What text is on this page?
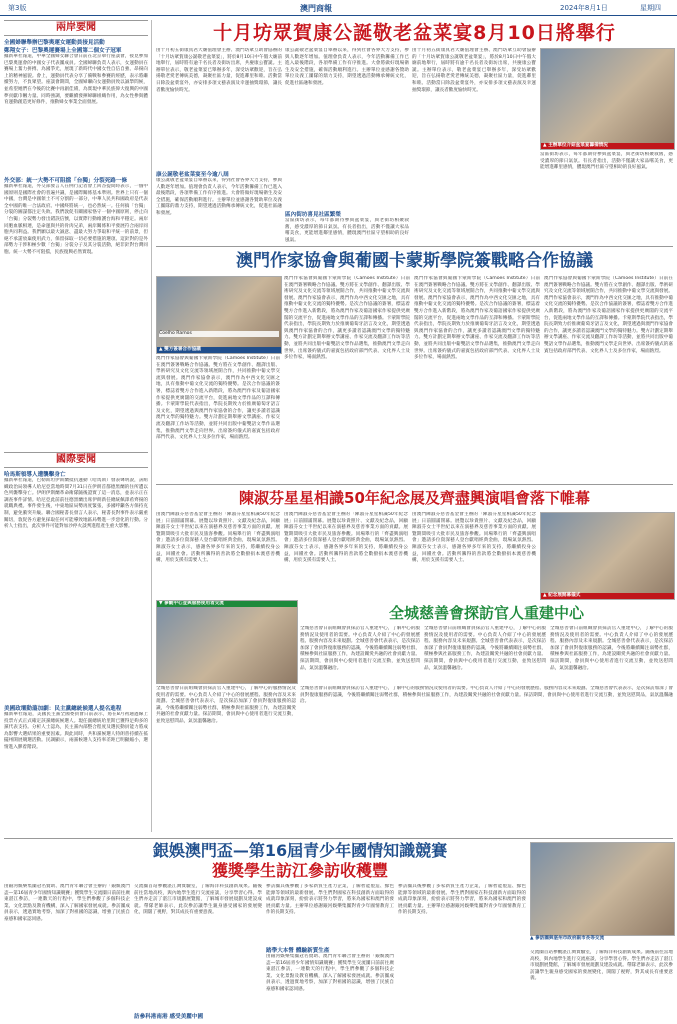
第3版	澳門商報	2024年8月1日	星期四
兩岸要聞
全國婦聯舉辦巴黎奧運女運動員接見活動
鄭翔女子：巴黎奧運賽場上全國第二個女子冠軍
據新華社報道，中華全國婦女聯合會日前在北京舉行座談會，接見參加巴黎奧運會的中國女子代表團成員。全國婦聯負責人表示，女運動員在賽場上奮力拼搏、為國爭光，展現了新時代中國女性自信自強、昂揚向上的精神風貌。會上，運動員代表分享了備戰和參賽的經歷，表示將繼續努力，不負眾望。座談會期間，全國婦聯向女運動員致以誠摯問候，並希望她們在今後的比賽中再創佳績，為實現中華民族偉大復興的中國夢貢獻巾幗力量。同時強調，要繼續發揮婦聯組織作用，為女性參與體育運動創造更好條件，推動婦女事業全面發展。
外交部：統一大勢不可阻擋「台獨」分裂死路一條
據新華社報道，外交部發言人在例行記者會上回答提問時表示，一個中國原則是國際社會的普遍共識，是國際關係基本準則。世界上只有一個中國，台灣是中國領土不可分割的一部分，中華人民共和國政府是代表全中國的唯一合法政府。中國終將統一，也必然統一。任何搞「台獨」分裂的圖謀都注定失敗。我們敦促有關國家恪守一個中國原則，停止向「台獨」分裂勢力發出錯誤信號，以實際行動維護台海和平穩定。兩岸同胞血脈相連，是命運與共的骨肉兄弟，兩岸關係和平發展符合兩岸同胞共同利益。我們願以最大誠意、盡最大努力爭取和平統一的前景，但絕不承諾放棄使用武力，保留採取一切必要措施的選項。這針對的是外部勢力干涉和極少數「台獨」分裂分子及其分裂活動，絕非針對台灣同胞。統一大勢不可阻擋，民族復興必然實現。
國際要聞
哈馬斯領導人遭襲擊身亡
據新華社報道，巴勒斯坦伊斯蘭抵抗運動（哈馬斯）發表聲明說，該組織政治局領導人哈尼亞當地時間7月31日在伊朗首都德黑蘭的住所遭以色列襲擊身亡。伊朗伊斯蘭革命衛隊隨後證實了這一消息，並表示正在調查事件詳情。哈尼亞此前前往德黑蘭出席伊朗新任總統佩澤希齊揚的就職典禮。事件發生後，中東地區局勢再度緊張，多國呼籲各方保持克制，避免衝突升級。聯合國秘書長發言人表示，秘書長對事件表示嚴重關切，敦促各方避免採取任何可能導致地區局勢進一步惡化的行動。分析人士指出，此次事件可能對加沙停火談判進程產生重大影響。
美國政壇動蕩加劇：民主黨總統候選人提名進程
據新華社報道，美國民主黨全國委員會日前表示，將在8月初通過線上投票方式正式確定該黨總統候選人。現任副總統哈里斯已獲得足夠多的黨代表支持。分析人士認為，民主黨內部整合程度及選民動員能力將成為影響大選結果的重要因素。與此同時，共和黨候選人特朗普持續在搖擺州開展競選活動。民調顯示，兩黨候選人支持率差距已明顯縮小，選情進入膠着階段。
十月坊眾賀康公誕敬老盆菜宴8月10日將舉行
由十月初五街康真君大廟值理會主辦、澳門坊眾互助會協辦的「十月坊眾賀康公誕敬老盆菜宴」，將於8月10日中午假大廟前地舉行，屆時將有逾千名長者及街坊出席，共慶康公寶誕。主辦單位表示，敬老盆菜宴已舉辦多年，深受坊眾歡迎，旨在弘揚敬老愛老傳統美德，凝聚社區力量，促進鄰里和睦。活動當日除設盆菜宴外，亦安排多項文藝表演及幸運抽獎環節，讓長者歡度愉快時光。
康公誕敬老盆菜宴至今逾八屆
康公誕敬老盆菜宴自舉辦以來，得到社會各界大力支持，參與人數逐年增加。值理會負責人表示，今年活動籌備工作已進入最後階段，各項準備工作有序推進。大會將做好現場衛生及安全措施，確保活動順利進行。主辦單位並感謝各贊助單位及義工團隊的鼎力支持，期望透過活動傳承傳統文化，促進社區融和發展。
康公誕敬老盆菜宴自舉辦以來，得到社會各界大力支持，參與人數逐年增加。值理會負責人表示，今年活動籌備工作已進入最後階段，各項準備工作有序推進。大會將做好現場衛生及安全措施，確保活動順利進行。主辦單位並感謝各贊助單位及義工團隊的鼎力支持，期望透過活動傳承傳統文化，促進社區融和發展。
區內街坊喜見社區繁榮
當區街坊表示，每年都期待參與盆菜宴，與老街坊相聚敘舊，感受濃厚的節日氣氛。有長者指出，活動不僅讓大家品嚐美食，更能增進鄰里感情，體現澳門社區守望相助的良好風氣。
由十月初五街康真君大廟值理會主辦、澳門坊眾互助會協辦的「十月坊眾賀康公誕敬老盆菜宴」，將於8月10日中午假大廟前地舉行，屆時將有逾千名長者及街坊出席，共慶康公寶誕。主辦單位表示，敬老盆菜宴已舉辦多年，深受坊眾歡迎，旨在弘揚敬老愛老傳統美德，凝聚社區力量，促進鄰里和睦。活動當日除設盆菜宴外，亦安排多項文藝表演及幸運抽獎環節，讓長者歡度愉快時光。
▲ 主辦單位介紹盆菜宴籌備情況
當區街坊表示，每年都期待參與盆菜宴，與老街坊相聚敘舊，感受濃厚的節日氣氛。有長者指出，活動不僅讓大家品嚐美食，更能增進鄰里感情，體現澳門社區守望相助的良好風氣。
澳門作家協會與葡國卡蒙斯學院簽戰略合作協議
Coelho Ramos
▲ 雙方簽署合作協議
澳門作家協會與葡國卡蒙斯學院（Camões Institute）日前在澳門簽署戰略合作協議。雙方將在文學創作、翻譯出版、學術研究及文化交流等領域展開合作，共同推動中葡文學交流與發展。澳門作家協會表示，澳門作為中西文化交匯之地，具有推動中葡文化交流的獨特優勢。是次合作協議的簽署，標誌着雙方合作進入新階段，將為澳門作家及葡語國家作家提供更廣闊的交流平台，促進兩地文學作品的互譯和傳播。卡蒙斯學院代表指出，學院長期致力於推廣葡萄牙語言及文化，期望透過與澳門作家協會的合作，讓更多讀者認識澳門文學的獨特魅力。雙方計劃定期舉辦文學講座、作家交流及翻譯工作坊等活動，並將共同出版中葡雙語文學作品選集，推動澳門文學走向世界。出席簽約儀式的嘉賓包括政府部門代表、文化界人士及多位作家，場面熱烈。
澳門作家協會與葡國卡蒙斯學院（Camões Institute）日前在澳門簽署戰略合作協議。雙方將在文學創作、翻譯出版、學術研究及文化交流等領域展開合作，共同推動中葡文學交流與發展。澳門作家協會表示，澳門作為中西文化交匯之地，具有推動中葡文化交流的獨特優勢。是次合作協議的簽署，標誌着雙方合作進入新階段，將為澳門作家及葡語國家作家提供更廣闊的交流平台，促進兩地文學作品的互譯和傳播。卡蒙斯學院代表指出，學院長期致力於推廣葡萄牙語言及文化，期望透過與澳門作家協會的合作，讓更多讀者認識澳門文學的獨特魅力。雙方計劃定期舉辦文學講座、作家交流及翻譯工作坊等活動，並將共同出版中葡雙語文學作品選集，推動澳門文學走向世界。出席簽約儀式的嘉賓包括政府部門代表、文化界人士及多位作家，場面熱烈。
澳門作家協會與葡國卡蒙斯學院（Camões Institute）日前在澳門簽署戰略合作協議。雙方將在文學創作、翻譯出版、學術研究及文化交流等領域展開合作，共同推動中葡文學交流與發展。澳門作家協會表示，澳門作為中西文化交匯之地，具有推動中葡文化交流的獨特優勢。是次合作協議的簽署，標誌着雙方合作進入新階段，將為澳門作家及葡語國家作家提供更廣闊的交流平台，促進兩地文學作品的互譯和傳播。卡蒙斯學院代表指出，學院長期致力於推廣葡萄牙語言及文化，期望透過與澳門作家協會的合作，讓更多讀者認識澳門文學的獨特魅力。雙方計劃定期舉辦文學講座、作家交流及翻譯工作坊等活動，並將共同出版中葡雙語文學作品選集，推動澳門文學走向世界。出席簽約儀式的嘉賓包括政府部門代表、文化界人士及多位作家，場面熱烈。
澳門作家協會與葡國卡蒙斯學院（Camões Institute）日前在澳門簽署戰略合作協議。雙方將在文學創作、翻譯出版、學術研究及文化交流等領域展開合作，共同推動中葡文學交流與發展。澳門作家協會表示，澳門作為中西文化交匯之地，具有推動中葡文化交流的獨特優勢。是次合作協議的簽署，標誌着雙方合作進入新階段，將為澳門作家及葡語國家作家提供更廣闊的交流平台，促進兩地文學作品的互譯和傳播。卡蒙斯學院代表指出，學院長期致力於推廣葡萄牙語言及文化，期望透過與澳門作家協會的合作，讓更多讀者認識澳門文學的獨特魅力。雙方計劃定期舉辦文學講座、作家交流及翻譯工作坊等活動，並將共同出版中葡雙語文學作品選集，推動澳門文學走向世界。出席簽約儀式的嘉賓包括政府部門代表、文化界人士及多位作家，場面熱烈。
陳淑芬星星相識50年紀念展及齊盡興演唱會落下帷幕
由澳門陳淑芬慈善基金會主辦的「陳淑芬星星相識50年紀念展」日前圓滿閉幕。展覽以珍貴照片、文獻及紀念品，回顧陳淑芬女士半世紀以來在演藝界及慈善事業方面的貢獻。展覽期間吸引大批市民及旅客參觀。同場舉行的「齊盡興演唱會」邀請多位資深藝人登台獻唱經典金曲，現場氣氛熱烈。陳淑芬女士表示，感謝各界多年來的支持，將繼續投身公益，回饋社會。活動所籌得的善款將全數撥捐本澳慈善機構，用於支援有需要人士。
由澳門陳淑芬慈善基金會主辦的「陳淑芬星星相識50年紀念展」日前圓滿閉幕。展覽以珍貴照片、文獻及紀念品，回顧陳淑芬女士半世紀以來在演藝界及慈善事業方面的貢獻。展覽期間吸引大批市民及旅客參觀。同場舉行的「齊盡興演唱會」邀請多位資深藝人登台獻唱經典金曲，現場氣氛熱烈。陳淑芬女士表示，感謝各界多年來的支持，將繼續投身公益，回饋社會。活動所籌得的善款將全數撥捐本澳慈善機構，用於支援有需要人士。
由澳門陳淑芬慈善基金會主辦的「陳淑芬星星相識50年紀念展」日前圓滿閉幕。展覽以珍貴照片、文獻及紀念品，回顧陳淑芬女士半世紀以來在演藝界及慈善事業方面的貢獻。展覽期間吸引大批市民及旅客參觀。同場舉行的「齊盡興演唱會」邀請多位資深藝人登台獻唱經典金曲，現場氣氛熱烈。陳淑芬女士表示，感謝各界多年來的支持，將繼續投身公益，回饋社會。活動所籌得的善款將全數撥捐本澳慈善機構，用於支援有需要人士。
▲ 紀念展開幕儀式
▼ 參觀中心並與服務使用者交流
全城慈善會探訪官人重建中心
全城慈善會日前組織會員探訪官人重建中心，了解中心的服務情況及使用者的需要。中心負責人介紹了中心的發展歷程、服務內容及未來規劃。全城慈善會代表表示，是次探訪加深了會員對復康服務的認識，今後將繼續關注弱勢社群，積極參與社區服務工作，為建設關愛共融的社會貢獻力量。探訪期間，會員與中心使用者進行交流互動，並致送慰問品，氣氛溫馨融洽。
全城慈善會日前組織會員探訪官人重建中心，了解中心的服務情況及使用者的需要。中心負責人介紹了中心的發展歷程、服務內容及未來規劃。全城慈善會代表表示，是次探訪加深了會員對復康服務的認識，今後將繼續關注弱勢社群，積極參與社區服務工作，為建設關愛共融的社會貢獻力量。探訪期間，會員與中心使用者進行交流互動，並致送慰問品，氣氛溫馨融洽。
全城慈善會日前組織會員探訪官人重建中心，了解中心的服務情況及使用者的需要。中心負責人介紹了中心的發展歷程、服務內容及未來規劃。全城慈善會代表表示，是次探訪加深了會員對復康服務的認識，今後將繼續關注弱勢社群，積極參與社區服務工作，為建設關愛共融的社會貢獻力量。探訪期間，會員與中心使用者進行交流互動，並致送慰問品，氣氛溫馨融洽。
全城慈善會日前組織會員探訪官人重建中心，了解中心的服務情況及使用者的需要。中心負責人介紹了中心的發展歷程、服務內容及未來規劃。全城慈善會代表表示，是次探訪加深了會員對復康服務的認識，今後將繼續關注弱勢社群，積極參與社區服務工作，為建設關愛共融的社會貢獻力量。探訪期間，會員與中心使用者進行交流互動，並致送慰問品，氣氛溫馨融洽。
全城慈善會日前組織會員探訪官人重建中心，了解中心的服務情況及使用者的需要。中心負責人介紹了中心的發展歷程、服務內容及未來規劃。全城慈善會代表表示，是次探訪加深了會員對復康服務的認識，今後將繼續關注弱勢社群，積極參與社區服務工作，為建設關愛共融的社會貢獻力量。探訪期間，會員與中心使用者進行交流互動，並致送慰問品，氣氛溫馨融洽。
銀娛澳門盃—第16屆青少年國情知識競賽
獲獎學生訪江參訪收穫豐
由銀河娛樂集團冠名贊助、澳門青年聯合會主辦的「銀娛澳門盃—第16屆青少年國情知識競賽」獲獎學生交流團日前前往廣東湛江參訪，一連數天的行程中，學生們參觀了多個科技企業、文化景點及教育機構，深入了解國家發展成就。參訪團成員表示，透過實地考察，加深了對祖國的認識，增強了民族自豪感和國家認同感。
交流團首站參觀湛江灣實驗室，了解海洋科技創新成果。隨後前往當地高校，與內地學生進行交流座談，分享學習心得。學生們亦走訪了湛江市規劃展覽館，了解城市發展規劃及建設成就。帶隊老師表示，此次參訪讓學生親身感受國家的發展變化，開闊了視野，對其成長有重要意義。
參訪團其後參觀了多家新質生產力企業，了解智能製造、綠色能源等領域的最新發展。學生們對國家在科技創新方面取得的成就印象深刻，紛紛表示將努力學習，將來為國家和澳門的發展貢獻力量。主辦單位感謝銀河娛樂集團對青少年國情教育工作的長期支持。
踏學大本營 體驗新質生產
由銀河娛樂集團冠名贊助、澳門青年聯合會主辦的「銀娛澳門盃—第16屆青少年國情知識競賽」獲獎學生交流團日前前往廣東湛江參訪，一連數天的行程中，學生們參觀了多個科技企業、文化景點及教育機構，深入了解國家發展成就。參訪團成員表示，透過實地考察，加深了對祖國的認識，增強了民族自豪感和國家認同感。
訪參科港南港 感受美麗中國
參訪團其後參觀了多家新質生產力企業，了解智能製造、綠色能源等領域的最新發展。學生們對國家在科技創新方面取得的成就印象深刻，紛紛表示將努力學習，將來為國家和澳門的發展貢獻力量。主辦單位感謝銀河娛樂集團對青少年國情教育工作的長期支持。
▲ 參訪團與湛州市政府副市長等交流
交流團首站參觀湛江灣實驗室，了解海洋科技創新成果。隨後前往當地高校，與內地學生進行交流座談，分享學習心得。學生們亦走訪了湛江市規劃展覽館，了解城市發展規劃及建設成就。帶隊老師表示，此次參訪讓學生親身感受國家的發展變化，開闊了視野，對其成長有重要意義。
